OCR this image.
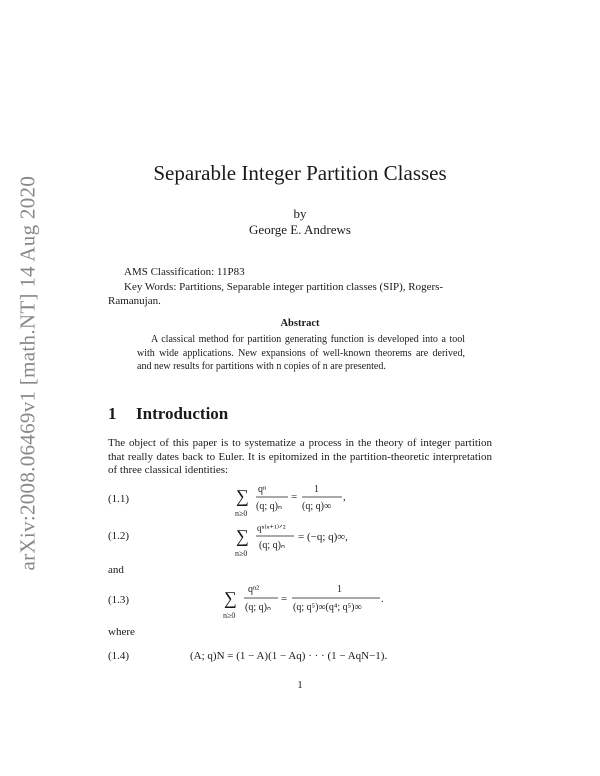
arXiv:2008.06469v1 [math.NT] 14 Aug 2020
Separable Integer Partition Classes
by
George E. Andrews
AMS Classification: 11P83
Key Words: Partitions, Separable integer partition classes (SIP), Rogers-Ramanujan.
Abstract
A classical method for partition generating function is developed into a tool with wide applications. New expansions of well-known theorems are derived, and new results for partitions with n copies of n are presented.
1 Introduction
The object of this paper is to systematize a process in the theory of integer partition that really dates back to Euler. It is epitomized in the partition-theoretic interpretation of three classical identities:
(1.1)	∑
n≥0
qⁿ
(q; q)ₙ
=
1
(q; q)∞
,
(1.2)	∑
n≥0
qⁿ⁽ⁿ⁺¹⁾ᐟ²
(q; q)ₙ
= (−q; q)∞,
and
(1.3)	∑
n≥0
qⁿ²
(q; q)ₙ
=
1
(q; q⁵)∞(q⁴; q⁵)∞
.
where
(1.4)	(A; q)N = (1 − A)(1 − Aq) · · · (1 − AqN−1).
1
